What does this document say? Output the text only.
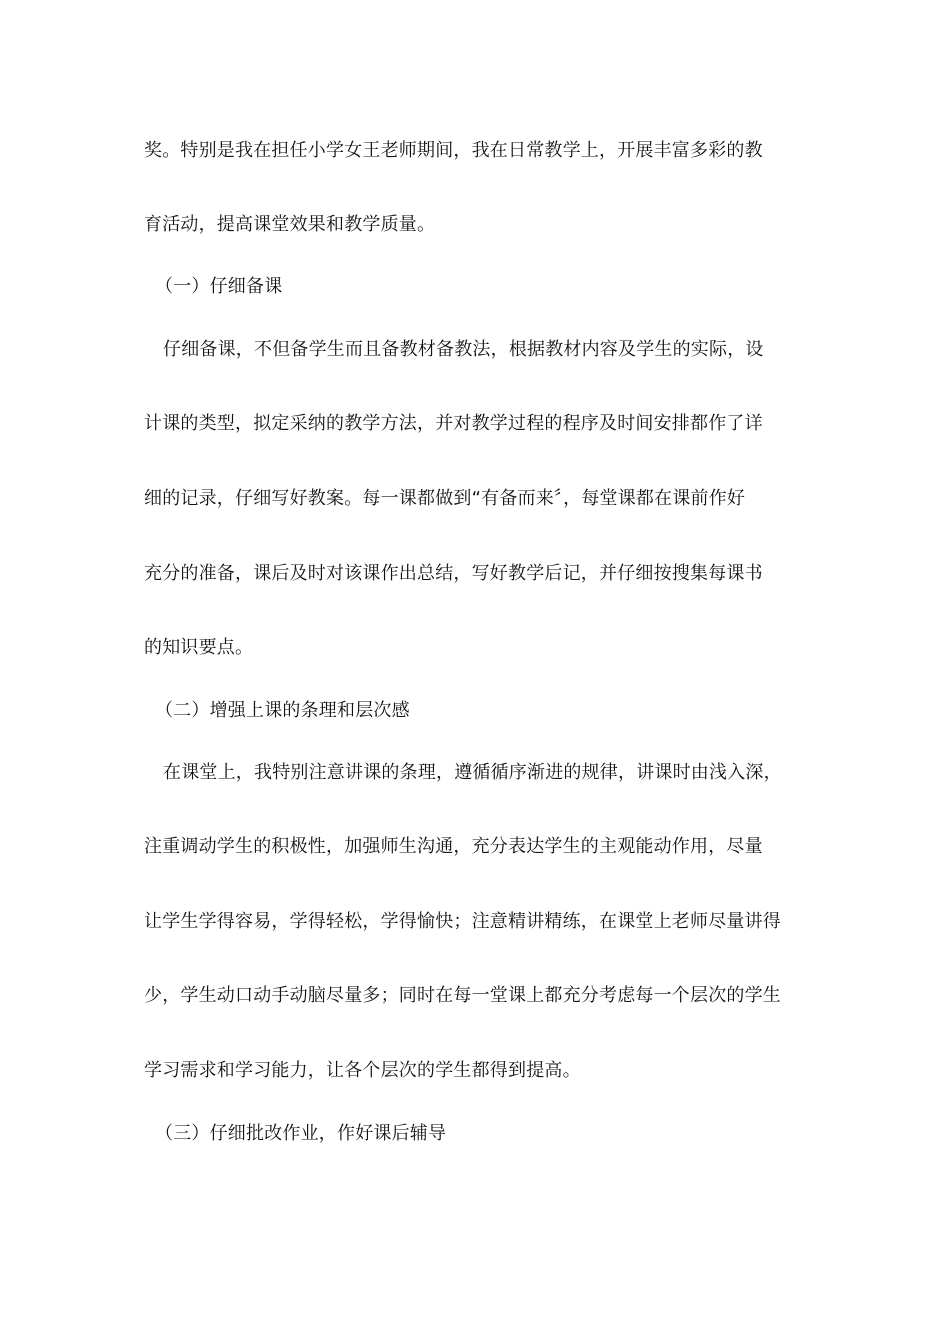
奖。特别是我在担任小学女王老师期间，我在日常教学上，开展丰富多彩的教
育活动，提高课堂效果和教学质量。
（一）仔细备课
仔细备课，不但备学生而且备教材备教法，根据教材内容及学生的实际，设
计课的类型，拟定采纳的教学方法，并对教学过程的程序及时间安排都作了详
细的记录，仔细写好教案。每一课都做到“有备而来〞，每堂课都在课前作好
充分的准备，课后及时对该课作出总结，写好教学后记，并仔细按搜集每课书
的知识要点。
（二）增强上课的条理和层次感
在课堂上，我特别注意讲课的条理，遵循循序渐进的规律，讲课时由浅入深，
注重调动学生的积极性，加强师生沟通，充分表达学生的主观能动作用，尽量
让学生学得容易，学得轻松，学得愉快；注意精讲精练，在课堂上老师尽量讲得
少，学生动口动手动脑尽量多；同时在每一堂课上都充分考虑每一个层次的学生
学习需求和学习能力，让各个层次的学生都得到提高。
（三）仔细批改作业，作好课后辅导
